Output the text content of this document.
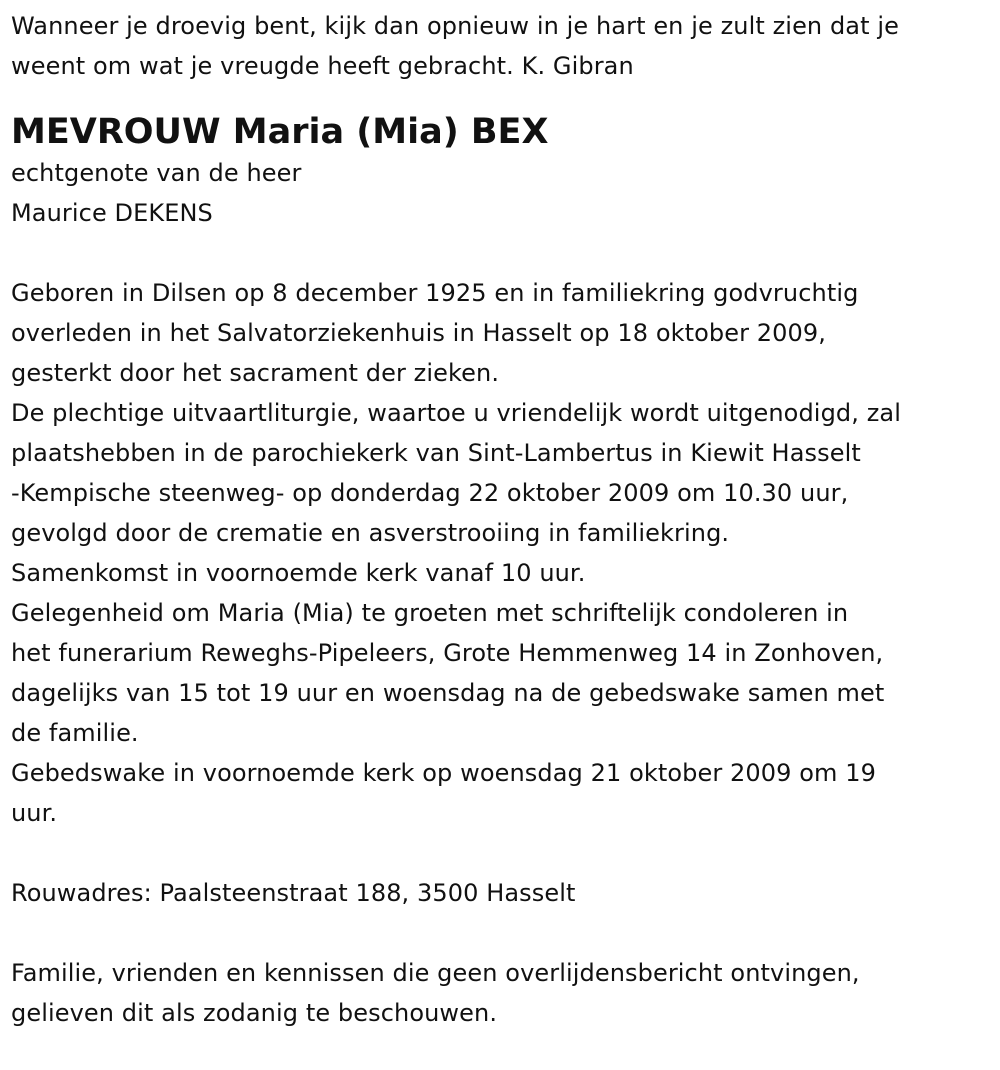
Wanneer je droevig bent, kijk dan opnieuw in je hart en je zult zien dat je
weent om wat je vreugde heeft gebracht. K. Gibran
MEVROUW Maria (Mia) BEX
echtgenote van de heer
Maurice DEKENS
Geboren in Dilsen op 8 december 1925 en in familiekring godvruchtig
overleden in het Salvatorziekenhuis in Hasselt op 18 oktober 2009,
gesterkt door het sacrament der zieken.
De plechtige uitvaartliturgie, waartoe u vriendelijk wordt uitgenodigd, zal
plaatshebben in de parochiekerk van Sint-Lambertus in Kiewit Hasselt
-Kempische steenweg- op donderdag 22 oktober 2009 om 10.30 uur,
gevolgd door de crematie en asverstrooiing in familiekring.
Samenkomst in voornoemde kerk vanaf 10 uur.
Gelegenheid om Maria (Mia) te groeten met schriftelijk condoleren in
het funerarium Reweghs-Pipeleers, Grote Hemmenweg 14 in Zonhoven,
dagelijks van 15 tot 19 uur en woensdag na de gebedswake samen met
de familie.
Gebedswake in voornoemde kerk op woensdag 21 oktober 2009 om 19
uur.
Rouwadres: Paalsteenstraat 188, 3500 Hasselt
Familie, vrienden en kennissen die geen overlijdensbericht ontvingen,
gelieven dit als zodanig te beschouwen.
